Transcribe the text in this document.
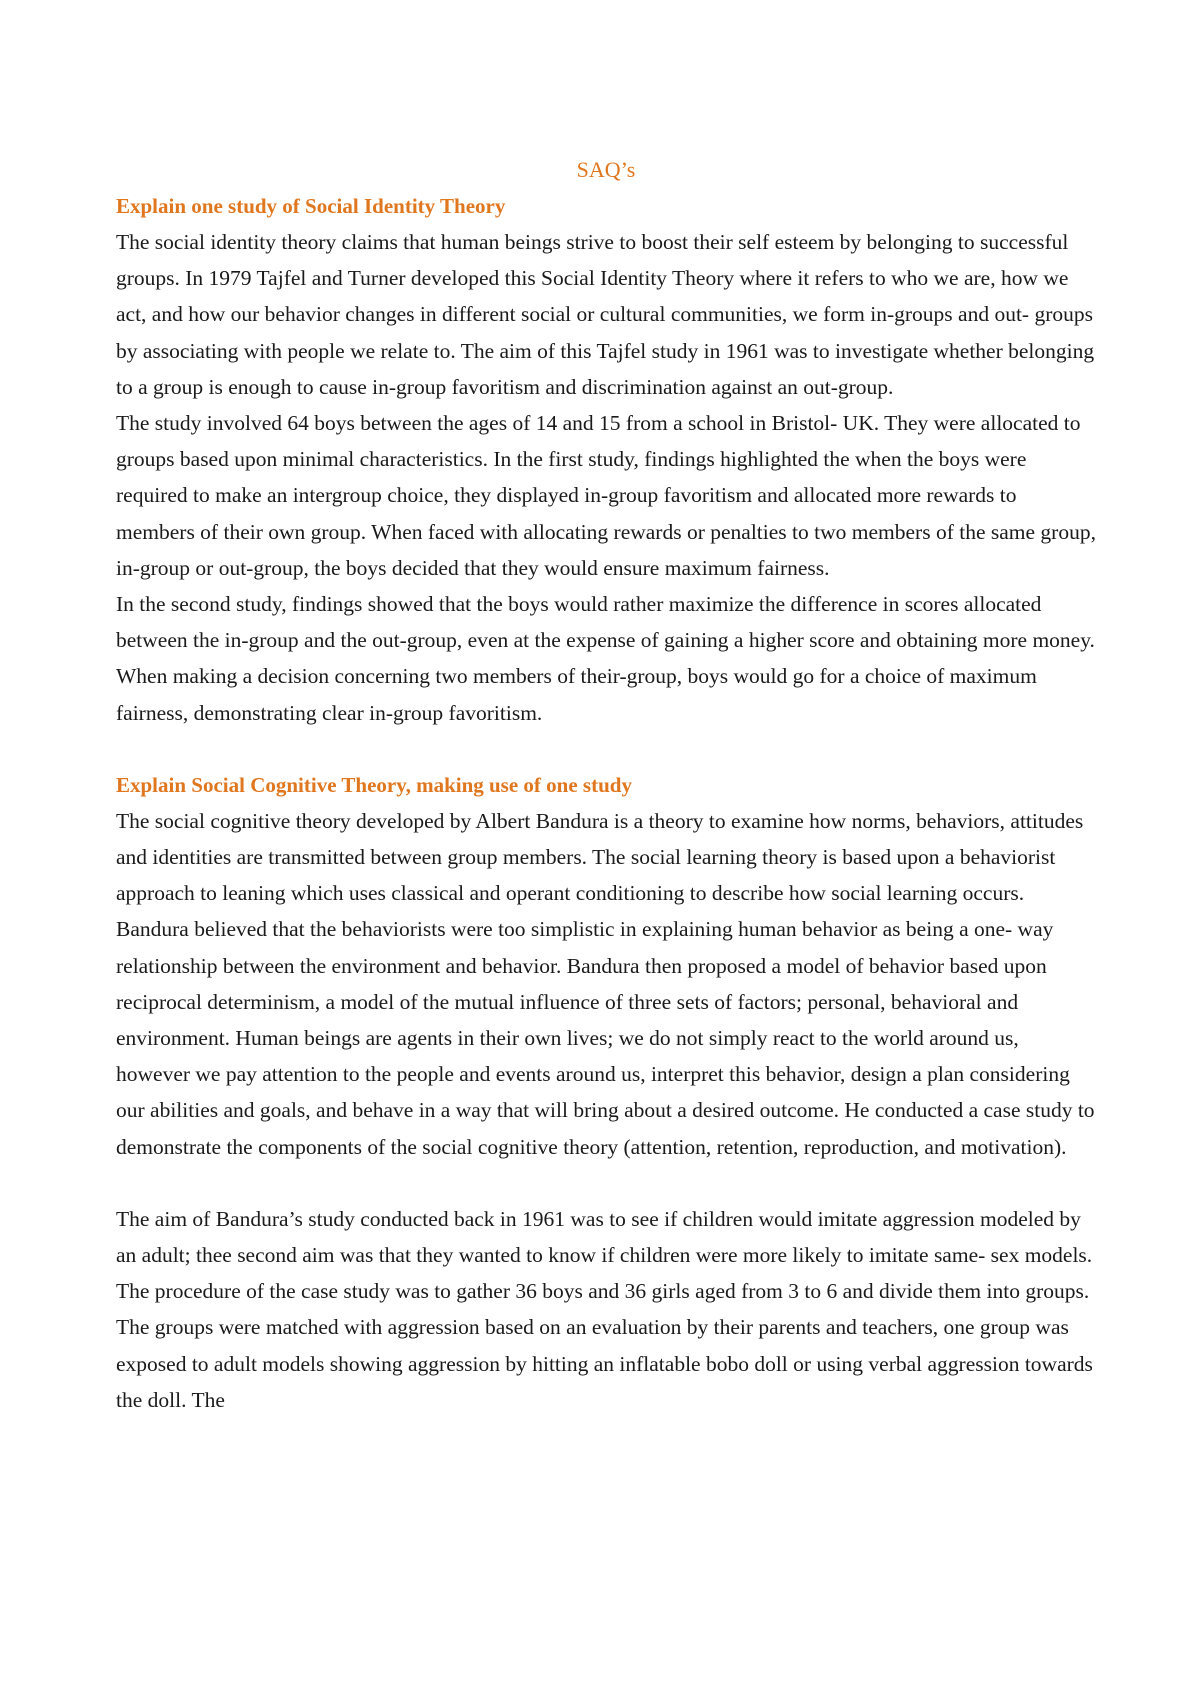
SAQ’s
Explain one study of Social Identity Theory

The social identity theory claims that human beings strive to boost their self esteem by belonging to successful groups. In 1979 Tajfel and Turner developed this Social Identity Theory where it refers to who we are, how we act, and how our behavior changes in different social or cultural communities, we form in-groups and out- groups by associating with people we relate to. The aim of this Tajfel study in 1961 was to investigate whether belonging to a group is enough to cause in-group favoritism and discrimination against an out-group.

The study involved 64 boys between the ages of 14 and 15 from a school in Bristol- UK. They were allocated to groups based upon minimal characteristics. In the first study, findings highlighted the when the boys were required to make an intergroup choice, they displayed in-group favoritism and allocated more rewards to members of their own group. When faced with allocating rewards or penalties to two members of the same group, in-group or out-group, the boys decided that they would ensure maximum fairness.

In the second study, findings showed that the boys would rather maximize the difference in scores allocated between the in-group and the out-group, even at the expense of gaining a higher score and obtaining more money. When making a decision concerning two members of their-group, boys would go for a choice of maximum fairness, demonstrating clear in-group favoritism.

Explain Social Cognitive Theory, making use of one study

The social cognitive theory developed by Albert Bandura is a theory to examine how norms, behaviors, attitudes and identities are transmitted between group members. The social learning theory is based upon a behaviorist approach to leaning which uses classical and operant conditioning to describe how social learning occurs. Bandura believed that the behaviorists were too simplistic in explaining human behavior as being a one- way relationship between the environment and behavior. Bandura then proposed a model of behavior based upon reciprocal determinism, a model of the mutual influence of three sets of factors; personal, behavioral and environment. Human beings are agents in their own lives; we do not simply react to the world around us, however we pay attention to the people and events around us, interpret this behavior, design a plan considering our abilities and goals, and behave in a way that will bring about a desired outcome. He conducted a case study to demonstrate the components of the social cognitive theory (attention, retention, reproduction, and motivation).

The aim of Bandura’s study conducted back in 1961 was to see if children would imitate aggression modeled by an adult; thee second aim was that they wanted to know if children were more likely to imitate same- sex models. The procedure of the case study was to gather 36 boys and 36 girls aged from 3 to 6 and divide them into groups. The groups were matched with aggression based on an evaluation by their parents and teachers, one group was exposed to adult models showing aggression by hitting an inflatable bobo doll or using verbal aggression towards the doll. The
